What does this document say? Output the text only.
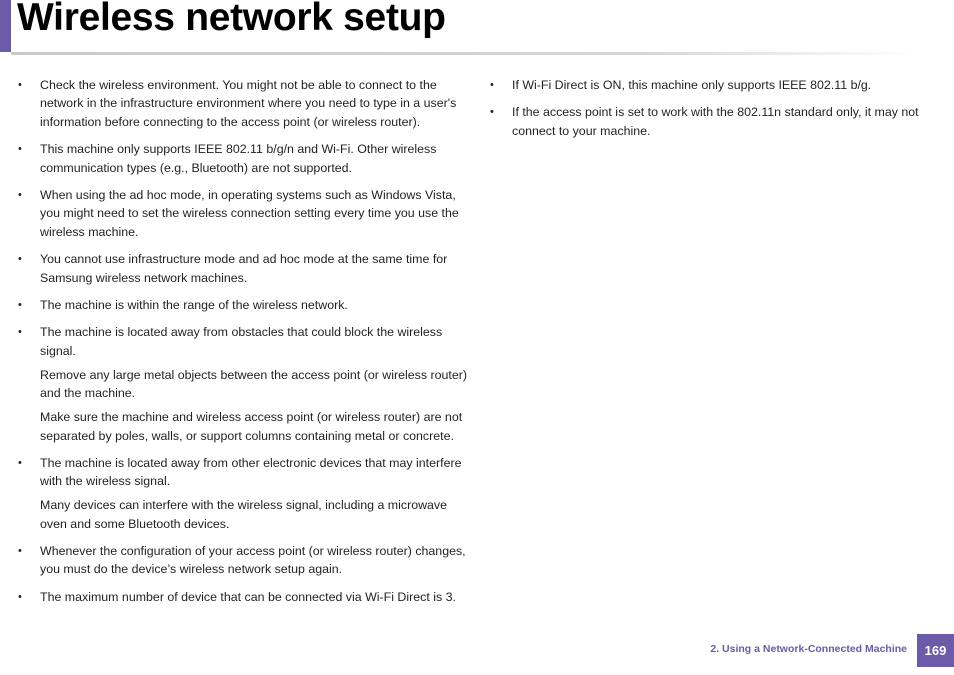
Wireless network setup
•	Check the wireless environment. You might not be able to connect to the network in the infrastructure environment where you need to type in a user's information before connecting to the access point (or wireless router).

•	This machine only supports IEEE 802.11 b/g/n and Wi-Fi. Other wireless communication types (e.g., Bluetooth) are not supported.

•	When using the ad hoc mode, in operating systems such as Windows Vista, you might need to set the wireless connection setting every time you use the wireless machine.

•	You cannot use infrastructure mode and ad hoc mode at the same time for Samsung wireless network machines.

•	The machine is within the range of the wireless network.

•	The machine is located away from obstacles that could block the wireless signal.

Remove any large metal objects between the access point (or wireless router) and the machine.

Make sure the machine and wireless access point (or wireless router) are not separated by poles, walls, or support columns containing metal or concrete.

•	The machine is located away from other electronic devices that may interfere with the wireless signal.

Many devices can interfere with the wireless signal, including a microwave oven and some Bluetooth devices.

•	Whenever the configuration of your access point (or wireless router) changes, you must do the device’s wireless network setup again.

•	The maximum number of device that can be connected via Wi-Fi Direct is 3.

•	If Wi-Fi Direct is ON, this machine only supports IEEE 802.11 b/g.

•	If the access point is set to work with the 802.11n standard only, it may not connect to your machine.

2. Using a Network-Connected Machine	169
